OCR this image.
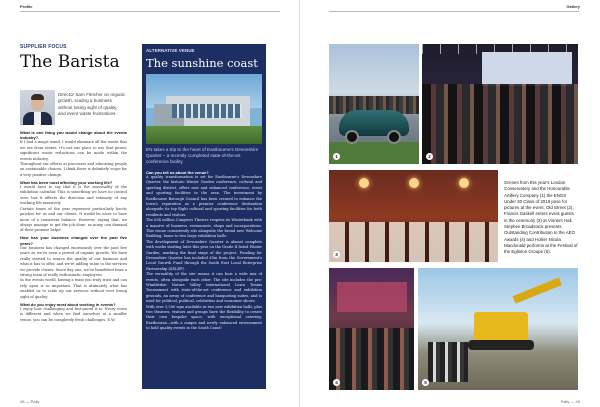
Profile
SUPPLIER FOCUS
The Barista
Director Sam Fletcher on organic growth, scaling a business without losing sight of quality, and event waste frustrations
What is one thing you would change about the events industry?
If I had a magic wand, I would eliminate all the waste that we see from events. It's not our place to use that power, significant waste reductions can be made within the events industry.
Throughout our efforts at processes and educating people on sustainable choices, I think there is definitely scope for a very positive change.
What has been most affecting your working life?
I would have to say that it is the seasonality of the exhibition calendar. This is something we have no control over, but it affects the direction and intensity of any working life massively.
Certain times of the year represent particularly hectic patches for us and our clients. It would be nicer to have more of a consistent balance. However, saying that, we always manage to get the job done, as many can demand of their promise helps!
How has your business changed over the past five years?
Our business has changed enormously over the past five years as we've seen a period of organic growth. We have really started to source the quality of our business and what it has to offer, and we're adding value to the services we provide clients. Since day one, we've benefitted from a strong team of really enthusiastic employees.
In the events world, having a team you truly trust and can rely upon is so important. That is ultimately what has enabled us to scale up our services without ever losing sight of quality.
What do you enjoy most about working in events?
I enjoy how challenging and fast-paced it is. Every event is different and when we find ourselves at a smaller venue, you can be completely fresh challenges. E.W.
ALTERNATIVE VENUE
The sunshine coast
EN takes a trip to the heart of Eastbourne's Devonshire Quarter – a recently completed state-of-the-art conference facility
Can you tell us about the venue?
A quality transformation is set for Eastbourne's Devonshire Quarter, the historic Winter Garden conference, cultural and sporting district, offers new and enhanced conference, event and sporting facilities to the area. The investment by Eastbourne Borough Council has been created to enhance the town's reputation as a premier conference destination alongside its top flight cultural and sporting facilities for both residents and visitors.
The £54 million Congress Theatre reopens its Winterbank with a massive of business, restaurants, shops and incorporations. This venue consistently sits alongside the brand new Welcome Building, home to two large exhibition halls.
The development of Devonshire Quarter is almost complete with works starting later this year on the Grade II listed Winter Garden, marking the final stage of the project. Funding for Devonshire Quarter has included £5m from the Government's Local Growth Fund through the South East Local Enterprise Partnership (SELEP).
The versatility of the site means it can host a wide mix of events, often alongside each other. The site includes the pro-Wimbledon Nature Valley International Lawn Tennis Tournament with state-of-the-art conference and exhibition grounds, an array of conference and banqueting suites, and is used for political, political, celebrities and consumer shows.
With over 3,500 sqm available in two new exhibition halls, plus two theatres, visitors and groups have the flexibility to create their own bespoke space, with exceptional catering. Eastbourne—with a unique and newly enhanced environment to hold quality events in the South Coast!
48 — Pally
Gallery
Pally — 49
1	2
3
4	5
Scenes from this year's London Conservatory and the Honourable Artillery Company (1) the ENGS Under 30 Class of 2019 pose for pictures at the event, Old Street (2), Francis Gaskell enters event guests in the ceremony (3) at Vinners Hall, Stephen Broadstock presents Outstanding Contribution to the AEO Awards (4) and Hollier Nicola Macdonald performs at the Festival of the Eglinton Groupe (5).
